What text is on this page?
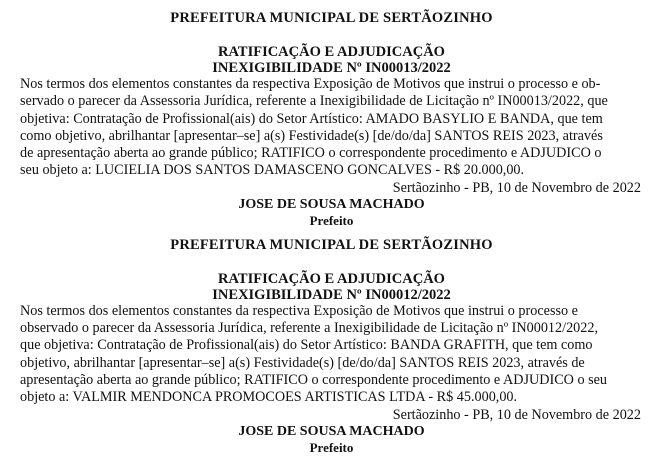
PREFEITURA MUNICIPAL DE SERTÃOZINHO
RATIFICAÇÃO E ADJUDICAÇÃO
INEXIGIBILIDADE Nº IN00013/2022
Nos termos dos elementos constantes da respectiva Exposição de Motivos que instrui o processo e ob-
servado o parecer da Assessoria Jurídica, referente a Inexigibilidade de Licitação nº IN00013/2022, que
objetiva: Contratação de Profissional(ais) do Setor Artístico: AMADO BASYLIO E BANDA, que tem
como objetivo, abrilhantar [apresentar–se] a(s) Festividade(s) [de/do/da] SANTOS REIS 2023, através
de apresentação aberta ao grande público; RATIFICO o correspondente procedimento e ADJUDICO o
seu objeto a: LUCIELIA DOS SANTOS DAMASCENO GONCALVES - R$ 20.000,00.
Sertãozinho - PB, 10 de Novembro de 2022
JOSE DE SOUSA MACHADO
Prefeito
PREFEITURA MUNICIPAL DE SERTÃOZINHO
RATIFICAÇÃO E ADJUDICAÇÃO
INEXIGIBILIDADE Nº IN00012/2022
Nos termos dos elementos constantes da respectiva Exposição de Motivos que instrui o processo e
observado o parecer da Assessoria Jurídica, referente a Inexigibilidade de Licitação nº IN00012/2022,
que objetiva: Contratação de Profissional(ais) do Setor Artístico: BANDA GRAFITH, que tem como
objetivo, abrilhantar [apresentar–se] a(s) Festividade(s) [de/do/da] SANTOS REIS 2023, através de
apresentação aberta ao grande público; RATIFICO o correspondente procedimento e ADJUDICO o seu
objeto a: VALMIR MENDONCA PROMOCOES ARTISTICAS LTDA - R$ 45.000,00.
Sertãozinho - PB, 10 de Novembro de 2022
JOSE DE SOUSA MACHADO
Prefeito
